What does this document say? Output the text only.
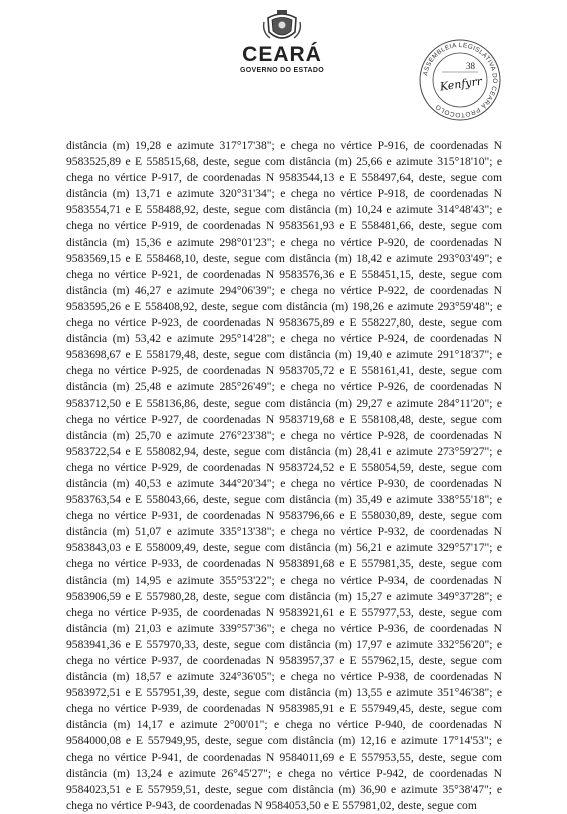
CEARÁ
GOVERNO DO ESTADO	ASSEMBLEIA LEGISLATIVA DO CEARÁ PROTOCOLO
38
Kenfyrr

distância (m) 19,28 e azimute 317°17'38"; e chega no vértice P-916, de coordenadas N 9583525,89 e E 558515,68, deste, segue com distância (m) 25,66 e azimute 315°18'10"; e chega no vértice P-917, de coordenadas N 9583544,13 e E 558497,64, deste, segue com distância (m) 13,71 e azimute 320°31'34"; e chega no vértice P-918, de coordenadas N 9583554,71 e E 558488,92, deste, segue com distância (m) 10,24 e azimute 314°48'43"; e chega no vértice P-919, de coordenadas N 9583561,93 e E 558481,66, deste, segue com distância (m) 15,36 e azimute 298°01'23"; e chega no vértice P-920, de coordenadas N 9583569,15 e E 558468,10, deste, segue com distância (m) 18,42 e azimute 293°03'49"; e chega no vértice P-921, de coordenadas N 9583576,36 e E 558451,15, deste, segue com distância (m) 46,27 e azimute 294°06'39"; e chega no vértice P-922, de coordenadas N 9583595,26 e E 558408,92, deste, segue com distância (m) 198,26 e azimute 293°59'48"; e chega no vértice P-923, de coordenadas N 9583675,89 e E 558227,80, deste, segue com distância (m) 53,42 e azimute 295°14'28"; e chega no vértice P-924, de coordenadas N 9583698,67 e E 558179,48, deste, segue com distância (m) 19,40 e azimute 291°18'37"; e chega no vértice P-925, de coordenadas N 9583705,72 e E 558161,41, deste, segue com distância (m) 25,48 e azimute 285°26'49"; e chega no vértice P-926, de coordenadas N 9583712,50 e E 558136,86, deste, segue com distância (m) 29,27 e azimute 284°11'20"; e chega no vértice P-927, de coordenadas N 9583719,68 e E 558108,48, deste, segue com distância (m) 25,70 e azimute 276°23'38"; e chega no vértice P-928, de coordenadas N 9583722,54 e E 558082,94, deste, segue com distância (m) 28,41 e azimute 273°59'27"; e chega no vértice P-929, de coordenadas N 9583724,52 e E 558054,59, deste, segue com distância (m) 40,53 e azimute 344°20'34"; e chega no vértice P-930, de coordenadas N 9583763,54 e E 558043,66, deste, segue com distância (m) 35,49 e azimute 338°55'18"; e chega no vértice P-931, de coordenadas N 9583796,66 e E 558030,89, deste, segue com distância (m) 51,07 e azimute 335°13'38"; e chega no vértice P-932, de coordenadas N 9583843,03 e E 558009,49, deste, segue com distância (m) 56,21 e azimute 329°57'17"; e chega no vértice P-933, de coordenadas N 9583891,68 e E 557981,35, deste, segue com distância (m) 14,95 e azimute 355°53'22"; e chega no vértice P-934, de coordenadas N 9583906,59 e E 557980,28, deste, segue com distância (m) 15,27 e azimute 349°37'28"; e chega no vértice P-935, de coordenadas N 9583921,61 e E 557977,53, deste, segue com distância (m) 21,03 e azimute 339°57'36"; e chega no vértice P-936, de coordenadas N 9583941,36 e E 557970,33, deste, segue com distância (m) 17,97 e azimute 332°56'20"; e chega no vértice P-937, de coordenadas N 9583957,37 e E 557962,15, deste, segue com distância (m) 18,57 e azimute 324°36'05"; e chega no vértice P-938, de coordenadas N 9583972,51 e E 557951,39, deste, segue com distância (m) 13,55 e azimute 351°46'38"; e chega no vértice P-939, de coordenadas N 9583985,91 e E 557949,45, deste, segue com distância (m) 14,17 e azimute 2°00'01"; e chega no vértice P-940, de coordenadas N 9584000,08 e E 557949,95, deste, segue com distância (m) 12,16 e azimute 17°14'53"; e chega no vértice P-941, de coordenadas N 9584011,69 e E 557953,55, deste, segue com distância (m) 13,24 e azimute 26°45'27"; e chega no vértice P-942, de coordenadas N 9584023,51 e E 557959,51, deste, segue com distância (m) 36,90 e azimute 35°38'47"; e chega no vértice P-943, de coordenadas N 9584053,50 e E 557981,02, deste, segue com
